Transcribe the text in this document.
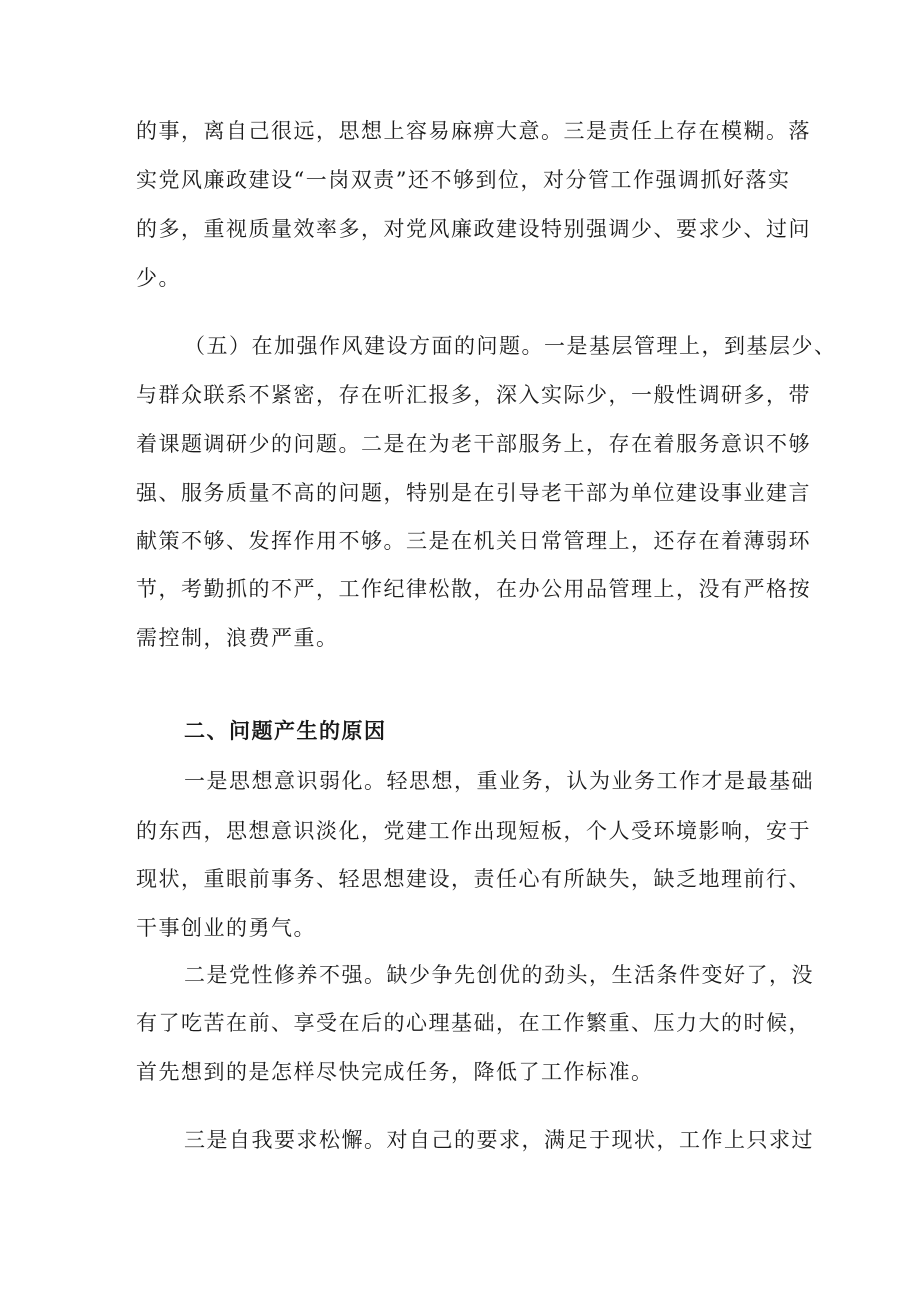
的事，离自己很远，思想上容易麻痹大意。三是责任上存在模糊。落
实党风廉政建设“一岗双责”还不够到位，对分管工作强调抓好落实
的多，重视质量效率多，对党风廉政建设特别强调少、要求少、过问
少。
（五）在加强作风建设方面的问题。一是基层管理上，到基层少、
与群众联系不紧密，存在听汇报多，深入实际少，一般性调研多，带
着课题调研少的问题。二是在为老干部服务上，存在着服务意识不够
强、服务质量不高的问题，特别是在引导老干部为单位建设事业建言
献策不够、发挥作用不够。三是在机关日常管理上，还存在着薄弱环
节，考勤抓的不严，工作纪律松散，在办公用品管理上，没有严格按
需控制，浪费严重。
二、问题产生的原因
一是思想意识弱化。轻思想，重业务，认为业务工作才是最基础
的东西，思想意识淡化，党建工作出现短板，个人受环境影响，安于
现状，重眼前事务、轻思想建设，责任心有所缺失，缺乏地理前行、
干事创业的勇气。
二是党性修养不强。缺少争先创优的劲头，生活条件变好了，没
有了吃苦在前、享受在后的心理基础，在工作繁重、压力大的时候，
首先想到的是怎样尽快完成任务，降低了工作标准。
三是自我要求松懈。对自己的要求，满足于现状，工作上只求过
